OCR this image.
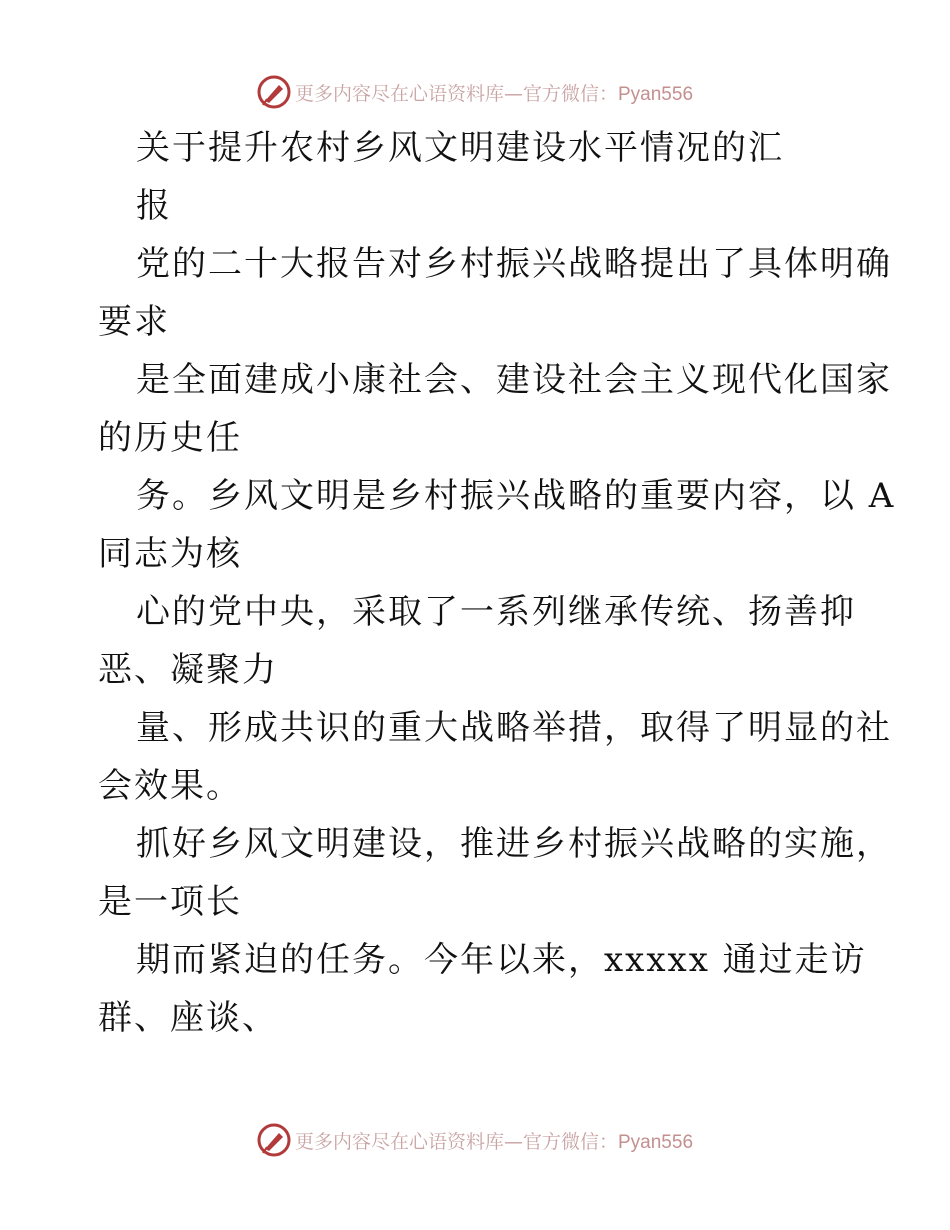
更多内容尽在心语资料库—官方微信：Pyan556
关于提升农村乡风文明建设水平情况的汇
报
党的二十大报告对乡村振兴战略提出了具体明确
要求
是全面建成小康社会、建设社会主义现代化国家
的历史任
务。乡风文明是乡村振兴战略的重要内容，以 A
同志为核
心的党中央，采取了一系列继承传统、扬善抑
恶、凝聚力
量、形成共识的重大战略举措，取得了明显的社
会效果。
抓好乡风文明建设，推进乡村振兴战略的实施，
是一项长
期而紧迫的任务。今年以来，xxxxx 通过走访
群、座谈、
更多内容尽在心语资料库—官方微信：Pyan556
